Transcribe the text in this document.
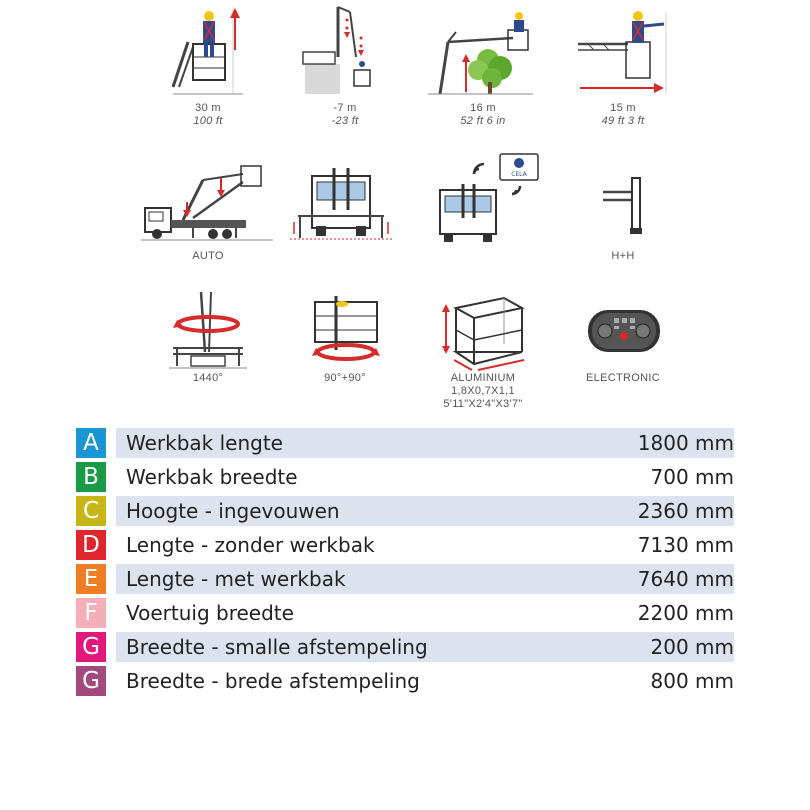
30 m
100 ft
-7 m
-23 ft
16 m
52 ft 6 in
15 m
49 ft 3 ft
AUTO
CELA
H+H
1440°	90°+90°	ALUMINIUM
1,8X0,7X1,1
5'11"X2'4"X3'7"
ELECTRONIC
A	Werkbak lengte	1800 mm
B	Werkbak breedte	700 mm
C	Hoogte - ingevouwen	2360 mm
D	Lengte - zonder werkbak	7130 mm
E	Lengte - met werkbak	7640 mm
F	Voertuig breedte	2200 mm
G	Breedte - smalle afstempeling	200 mm
G	Breedte - brede afstempeling	800 mm
